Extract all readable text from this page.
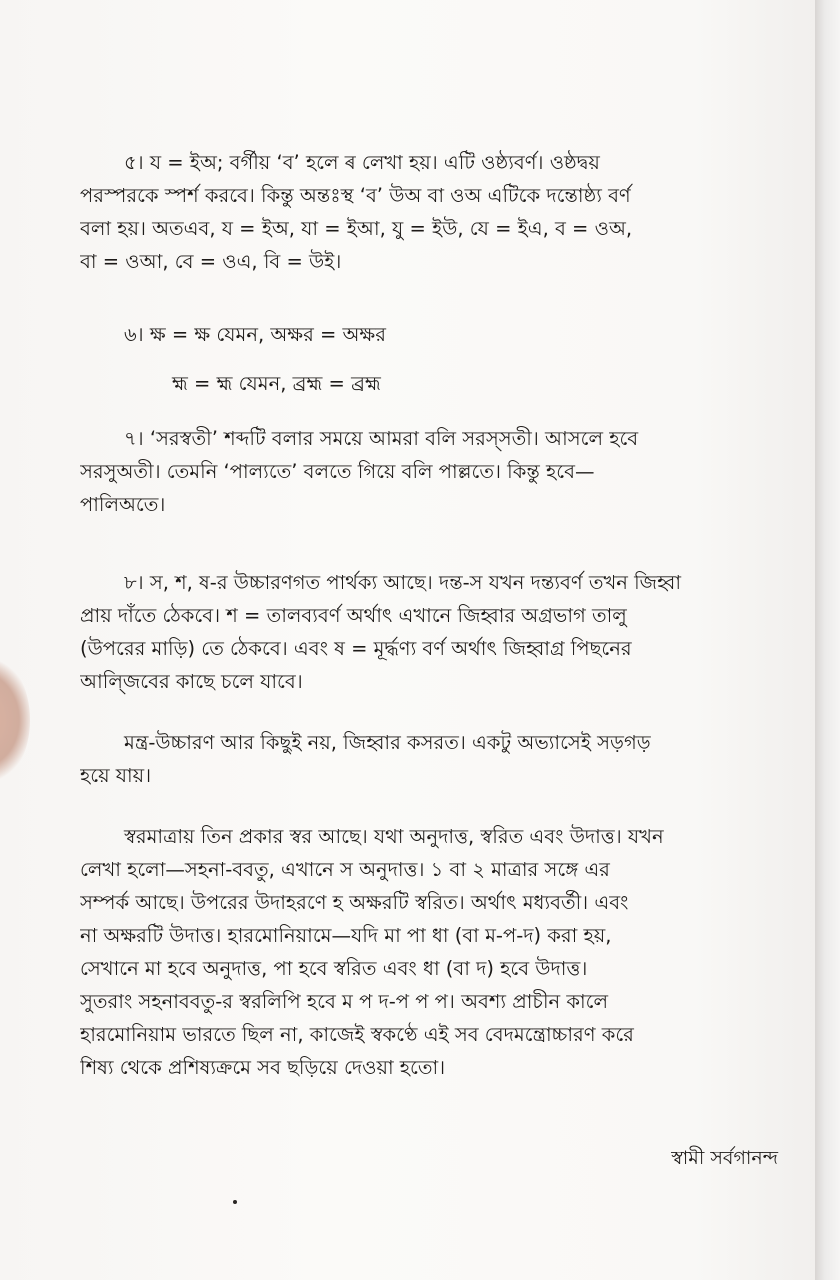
৫। য = ইঅ; বর্গীয় ‘ব’ হলে ৰ লেখা হয়। এটি ওষ্ঠ্যবর্ণ। ওষ্ঠদ্বয়
পরস্পরকে স্পর্শ করবে। কিন্তু অন্তঃস্থ ‘ব’ উঅ বা ওঅ এটিকে দন্তোষ্ঠ্য বর্ণ
বলা হয়। অতএব, য = ইঅ, যা = ইআ, যু = ইউ, যে = ইএ, ব = ওঅ,
বা = ওআ, বে = ওএ, বি = উই।
৬। ক্ষ = ক্ষ যেমন, অক্ষর = অক্ষর
হ্ম = হ্ম যেমন, ব্রহ্ম = ব্রহ্ম
৭। ‘সরস্বতী’ শব্দটি বলার সময়ে আমরা বলি সরস্সতী। আসলে হবে
সরসুঅতী। তেমনি ‘পাল্যতে’ বলতে গিয়ে বলি পাল্লতে। কিন্তু হবে—
পালিঅতে।
৮। স, শ, ষ-র উচ্চারণগত পার্থক্য আছে। দন্ত-স যখন দন্ত্যবর্ণ তখন জিহ্বা
প্রায় দাঁতে ঠেকবে। শ = তালব্যবর্ণ অর্থাৎ এখানে জিহ্বার অগ্রভাগ তালু
(উপরের মাড়ি) তে ঠেকবে। এবং ষ = মূর্দ্ধণ্য বর্ণ অর্থাৎ জিহ্বাগ্র পিছনের
আল্জিবের কাছে চলে যাবে।
মন্ত্র-উচ্চারণ আর কিছুই নয়, জিহ্বার কসরত। একটু অভ্যাসেই সড়গড়
হয়ে যায়।
স্বরমাত্রায় তিন প্রকার স্বর আছে। যথা অনুদাত্ত, স্বরিত এবং উদাত্ত। যখন
লেখা হলো—সহনা-ববতু, এখানে স অনুদাত্ত। ১ বা ২ মাত্রার সঙ্গে এর
সম্পর্ক আছে। উপরের উদাহরণে হ অক্ষরটি স্বরিত। অর্থাৎ মধ্যবর্তী। এবং
না অক্ষরটি উদাত্ত। হারমোনিয়ামে—যদি মা পা ধা (বা ম-প-দ) করা হয়,
সেখানে মা হবে অনুদাত্ত, পা হবে স্বরিত এবং ধা (বা দ) হবে উদাত্ত।
সুতরাং সহনাববতু-র স্বরলিপি হবে ম প দ-প প প। অবশ্য প্রাচীন কালে
হারমোনিয়াম ভারতে ছিল না, কাজেই স্বকণ্ঠে এই সব বেদমন্ত্রোচ্চারণ করে
শিষ্য থেকে প্রশিষ্যক্রমে সব ছড়িয়ে দেওয়া হতো।
স্বামী সর্বগানন্দ
